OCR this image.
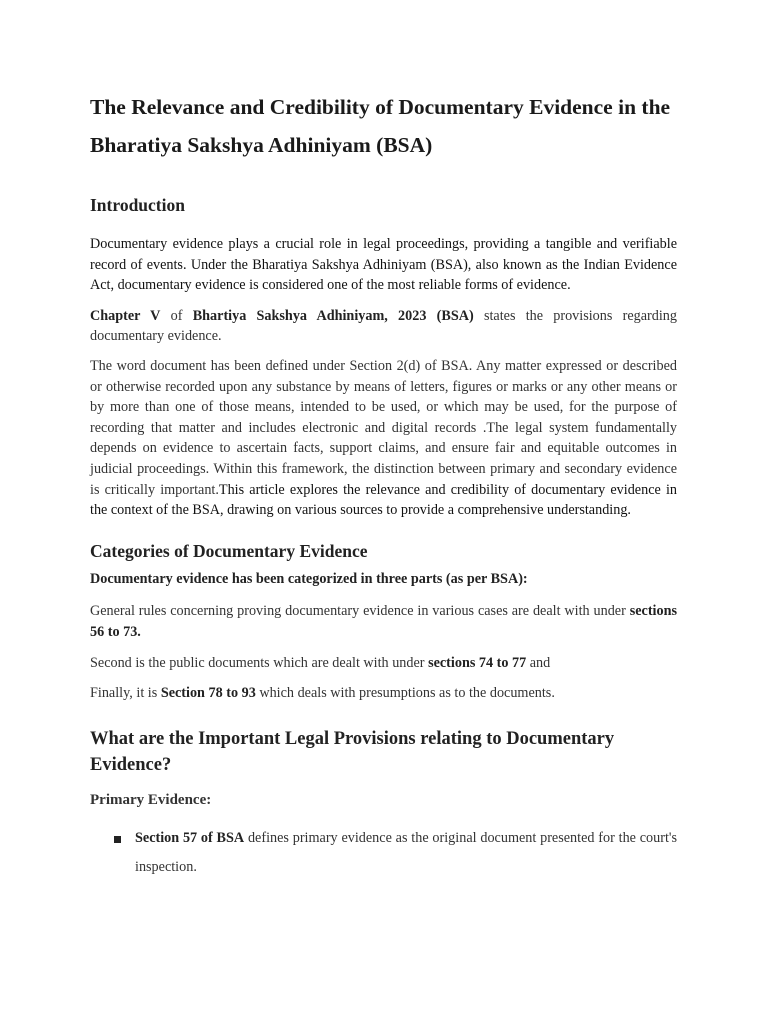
The Relevance and Credibility of Documentary Evidence in the Bharatiya Sakshya Adhiniyam (BSA)
Introduction

Documentary evidence plays a crucial role in legal proceedings, providing a tangible and verifiable record of events. Under the Bharatiya Sakshya Adhiniyam (BSA), also known as the Indian Evidence Act, documentary evidence is considered one of the most reliable forms of evidence.

Chapter V of Bhartiya Sakshya Adhiniyam, 2023 (BSA) states the provisions regarding documentary evidence.

The word document has been defined under Section 2(d) of BSA. Any matter expressed or described or otherwise recorded upon any substance by means of letters, figures or marks or any other means or by more than one of those means, intended to be used, or which may be used, for the purpose of recording that matter and includes electronic and digital records .The legal system fundamentally depends on evidence to ascertain facts, support claims, and ensure fair and equitable outcomes in judicial proceedings. Within this framework, the distinction between primary and secondary evidence is critically important.This article explores the relevance and credibility of documentary evidence in the context of the BSA, drawing on various sources to provide a comprehensive understanding.

Categories of Documentary Evidence

Documentary evidence has been categorized in three parts (as per BSA):

General rules concerning proving documentary evidence in various cases are dealt with under sections 56 to 73.

Second is the public documents which are dealt with under sections 74 to 77 and

Finally, it is Section 78 to 93 which deals with presumptions as to the documents.

What are the Important Legal Provisions relating to Documentary Evidence?
Primary Evidence:
Section 57 of BSA defines primary evidence as the original document presented for the court's inspection.
